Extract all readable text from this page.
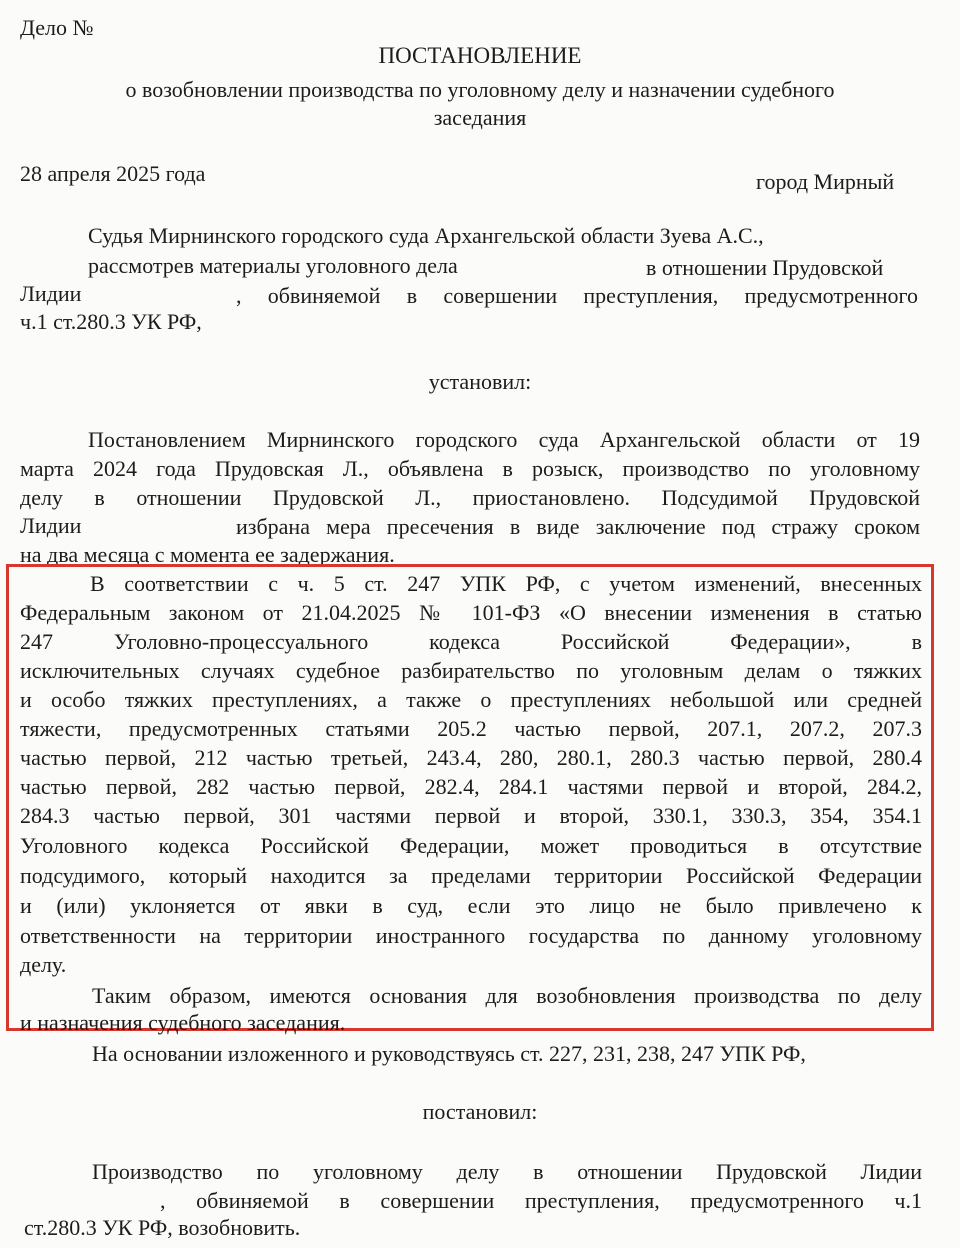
Дело №
ПОСТАНОВЛЕНИЕ
о возобновлении производства по уголовному делу и назначении судебного
заседания
28 апреля 2025 года	город Мирный
Судья Мирнинского городского суда Архангельской области Зуева А.С.,
рассмотрев материалы уголовного дела	в отношении Прудовской
Лидии	, обвиняемой в совершении преступления, предусмотренного
ч.1 ст.280.3 УК РФ,
установил:
Постановлением Мирнинского городского суда Архангельской области от 19
марта 2024 года Прудовская Л., объявлена в розыск, производство по уголовному
делу в отношении Прудовской Л., приостановлено. Подсудимой Прудовской
Лидии	избрана мера пресечения в виде заключение под стражу сроком
на два месяца с момента ее задержания.
В соответствии с ч. 5 ст. 247 УПК РФ, с учетом изменений, внесенных
Федеральным законом от 21.04.2025 № 101-ФЗ «О внесении изменения в статью
247 Уголовно-процессуального кодекса Российской Федерации», в
исключительных случаях судебное разбирательство по уголовным делам о тяжких
и особо тяжких преступлениях, а также о преступлениях небольшой или средней
тяжести, предусмотренных статьями 205.2 частью первой, 207.1, 207.2, 207.3
частью первой, 212 частью третьей, 243.4, 280, 280.1, 280.3 частью первой, 280.4
частью первой, 282 частью первой, 282.4, 284.1 частями первой и второй, 284.2,
284.3 частью первой, 301 частями первой и второй, 330.1, 330.3, 354, 354.1
Уголовного кодекса Российской Федерации, может проводиться в отсутствие
подсудимого, который находится за пределами территории Российской Федерации
и (или) уклоняется от явки в суд, если это лицо не было привлечено к
ответственности на территории иностранного государства по данному уголовному
делу.
Таким образом, имеются основания для возобновления производства по делу
и назначения судебного заседания.
На основании изложенного и руководствуясь ст. 227, 231, 238, 247 УПК РФ,
постановил:
Производство по уголовному делу в отношении Прудовской Лидии
, обвиняемой в совершении преступления, предусмотренного ч.1
ст.280.3 УК РФ, возобновить.
